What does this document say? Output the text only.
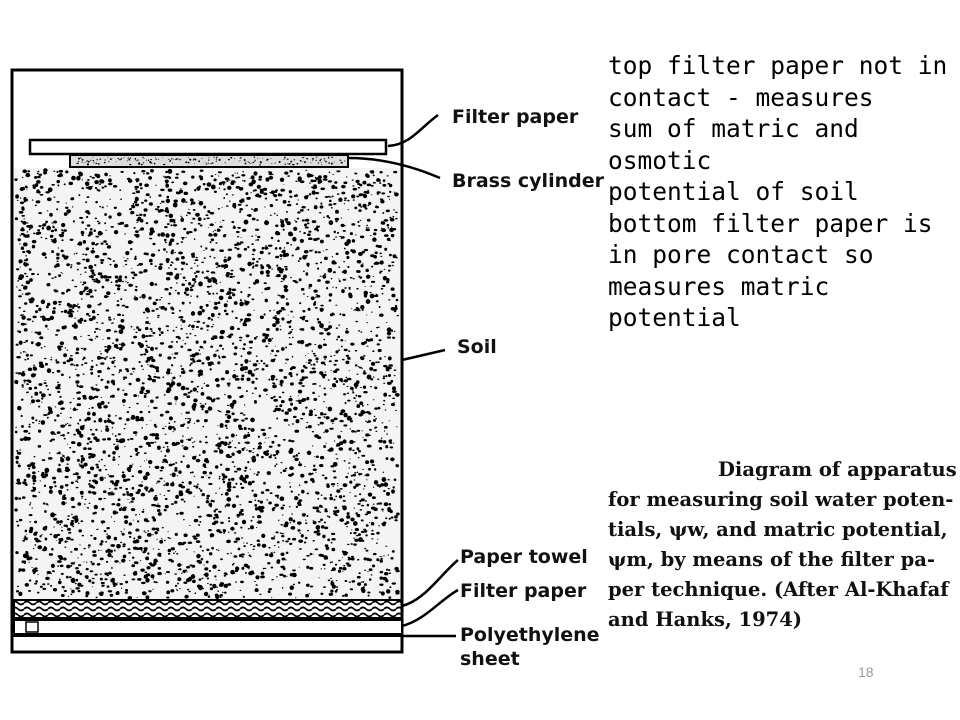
Filter paper
Brass cylinder
Soil
Paper towel
Filter paper
Polyethylene
sheet
top filter paper not in
contact - measures
sum of matric and
osmotic
potential of soil
bottom filter paper is
in pore contact so
measures matric
potential
Diagram of apparatus
for measuring soil water poten-
tials, ψw, and matric potential,
ψm, by means of the filter pa-
per technique. (After Al-Khafaf
and Hanks, 1974)
18
